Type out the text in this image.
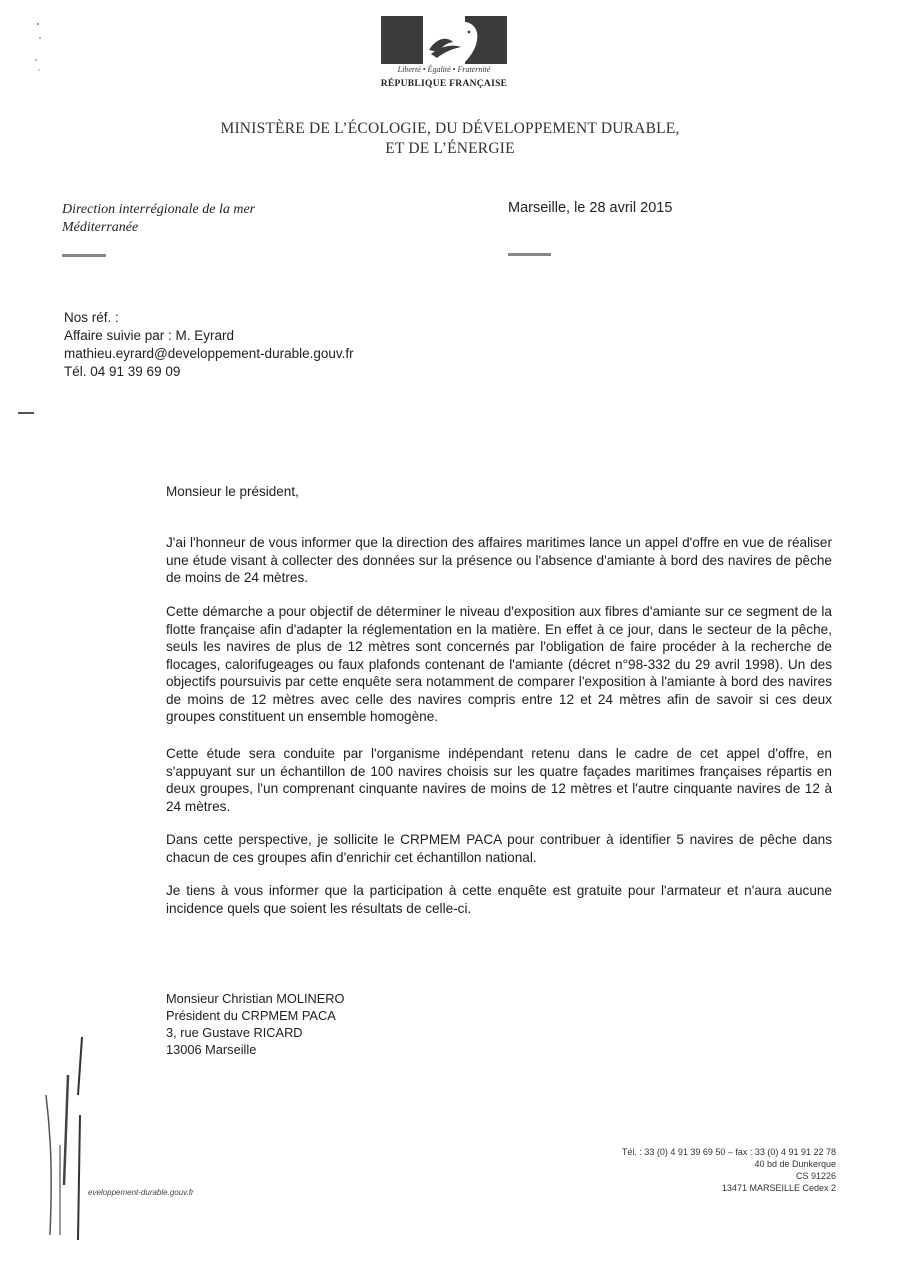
Liberté • Égalité • Fraternité
RÉPUBLIQUE FRANÇAISE
MINISTÈRE DE L’ÉCOLOGIE, DU DÉVELOPPEMENT DURABLE,
ET DE L’ÉNERGIE
Direction interrégionale de la mer
Méditerranée
Marseille, le 28 avril 2015
Nos réf. :
Affaire suivie par : M. Eyrard
mathieu.eyrard@developpement-durable.gouv.fr
Tél. 04 91 39 69 09
Monsieur le président,
J'ai l'honneur de vous informer que la direction des affaires maritimes lance un appel d'offre en vue de réaliser une étude visant à collecter des données sur la présence ou l'absence d'amiante à bord des navires de pêche de moins de 24 mètres.
Cette démarche a pour objectif de déterminer le niveau d'exposition aux fibres d'amiante sur ce segment de la flotte française afin d'adapter la réglementation en la matière. En effet à ce jour, dans le secteur de la pêche, seuls les navires de plus de 12 mètres sont concernés par l'obligation de faire procéder à la recherche de flocages, calorifugeages ou faux plafonds contenant de l'amiante (décret n°98-332 du 29 avril 1998). Un des objectifs poursuivis par cette enquête sera notamment de comparer l'exposition à l'amiante à bord des navires de moins de 12 mètres avec celle des navires compris entre 12 et 24 mètres afin de savoir si ces deux groupes constituent un ensemble homogène.
Cette étude sera conduite par l'organisme indépendant retenu dans le cadre de cet appel d'offre, en s'appuyant sur un échantillon de 100 navires choisis sur les quatre façades maritimes françaises répartis en deux groupes, l'un comprenant cinquante navires de moins de 12 mètres et l'autre cinquante navires de 12 à 24 mètres.
Dans cette perspective, je sollicite le CRPMEM PACA pour contribuer à identifier 5 navires de pêche dans chacun de ces groupes afin d'enrichir cet échantillon national.
Je tiens à vous informer que la participation à cette enquête est gratuite pour l'armateur et n'aura aucune incidence quels que soient les résultats de celle-ci.
Monsieur Christian MOLINERO
Président du CRPMEM PACA
3, rue Gustave RICARD
13006 Marseille
Tél. : 33 (0) 4 91 39 69 50 – fax : 33 (0) 4 91 91 22 78
40 bd de Dunkerque
CS 91226
13471 MARSEILLE Cedex 2
eveloppement-durable.gouv.fr
